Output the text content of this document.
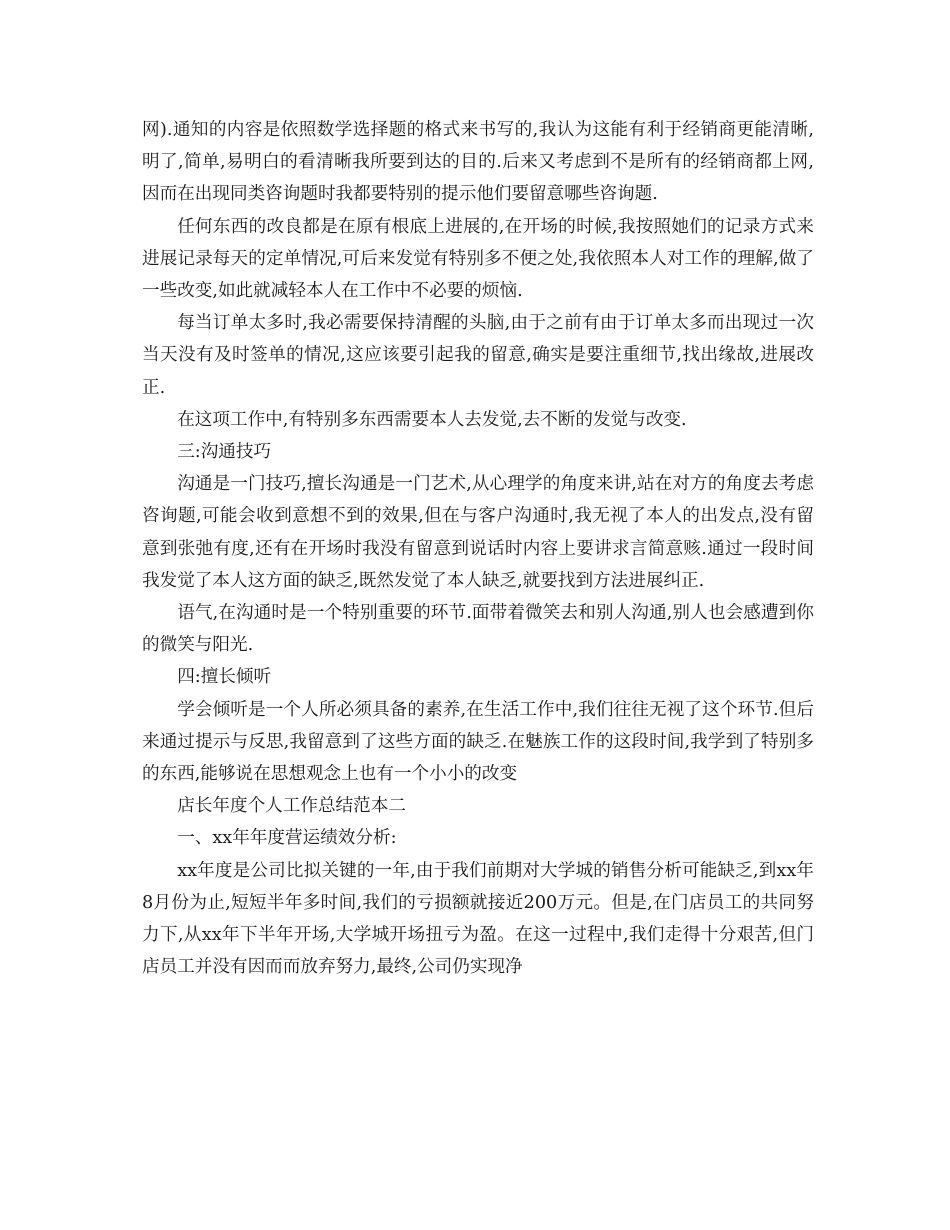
网).通知的内容是依照数学选择题的格式来书写的,我认为这能有利于经销商更能清晰,明了,简单,易明白的看清晰我所要到达的目的.后来又考虑到不是所有的经销商都上网,因而在出现同类咨询题时我都要特别的提示他们要留意哪些咨询题.

任何东西的改良都是在原有根底上进展的,在开场的时候,我按照她们的记录方式来进展记录每天的定单情况,可后来发觉有特别多不便之处,我依照本人对工作的理解,做了一些改变,如此就减轻本人在工作中不必要的烦恼.

每当订单太多时,我必需要保持清醒的头脑,由于之前有由于订单太多而出现过一次当天没有及时签单的情况,这应该要引起我的留意,确实是要注重细节,找出缘故,进展改正.

在这项工作中,有特别多东西需要本人去发觉,去不断的发觉与改变.

三:沟通技巧

沟通是一门技巧,擅长沟通是一门艺术,从心理学的角度来讲,站在对方的角度去考虑咨询题,可能会收到意想不到的效果,但在与客户沟通时,我无视了本人的出发点,没有留意到张弛有度,还有在开场时我没有留意到说话时内容上要讲求言简意赅.通过一段时间我发觉了本人这方面的缺乏,既然发觉了本人缺乏,就要找到方法进展纠正.

语气,在沟通时是一个特别重要的环节.面带着微笑去和别人沟通,别人也会感遭到你的微笑与阳光.

四:擅长倾听

学会倾听是一个人所必须具备的素养,在生活工作中,我们往往无视了这个环节.但后来通过提示与反思,我留意到了这些方面的缺乏.在魅族工作的这段时间,我学到了特别多的东西,能够说在思想观念上也有一个小小的改变

店长年度个人工作总结范本二

一、xx年年度营运绩效分析:

xx年度是公司比拟关键的一年,由于我们前期对大学城的销售分析可能缺乏,到xx年8月份为止,短短半年多时间,我们的亏损额就接近200万元。但是,在门店员工的共同努力下,从xx年下半年开场,大学城开场扭亏为盈。在这一过程中,我们走得十分艰苦,但门店员工并没有因而而放弃努力,最终,公司仍实现净
